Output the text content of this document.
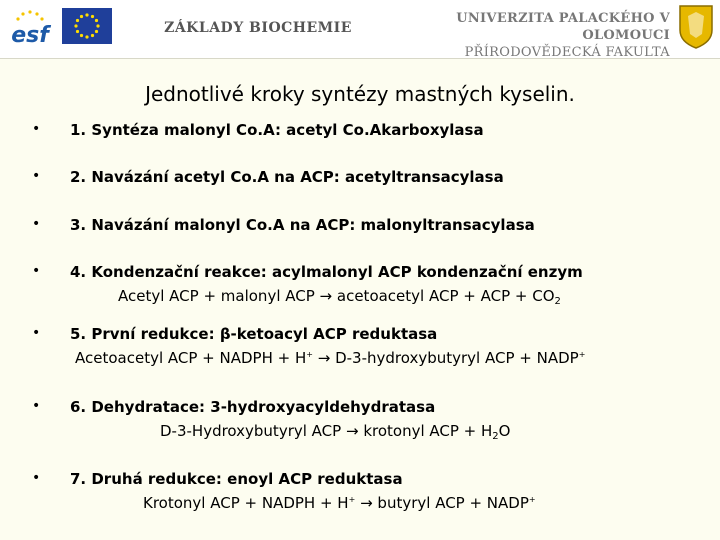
esf	ZÁKLADY BIOCHEMIE
UNIVERZITA PALACKÉHO V OLOMOUCI
PŘÍRODOVĚDECKÁ FAKULTA
Jednotlivé kroky syntézy mastných kyselin.
• 1. Syntéza malonyl Co.A: acetyl Co.Akarboxylasa
• 2. Navázání acetyl Co.A na ACP: acetyltransacylasa
• 3. Navázání malonyl Co.A na ACP: malonyltransacylasa
• 4. Kondenzační reakce: acylmalonyl ACP kondenzační enzym
Acetyl ACP + malonyl ACP → acetoacetyl ACP + ACP + $CO_2$
• 5. První redukce: β-ketoacyl ACP reduktasa
Acetoacetyl ACP + NADPH + H+ → D-3-hydroxybutyryl ACP + NADP+
• 6. Dehydratace: 3-hydroxyacyldehydratasa
D-3-Hydroxybutyryl ACP → krotonyl ACP + $H_2O$
• 7. Druhá redukce: enoyl ACP reduktasa
Krotonyl ACP + NADPH + H+ → butyryl ACP + NADP+
